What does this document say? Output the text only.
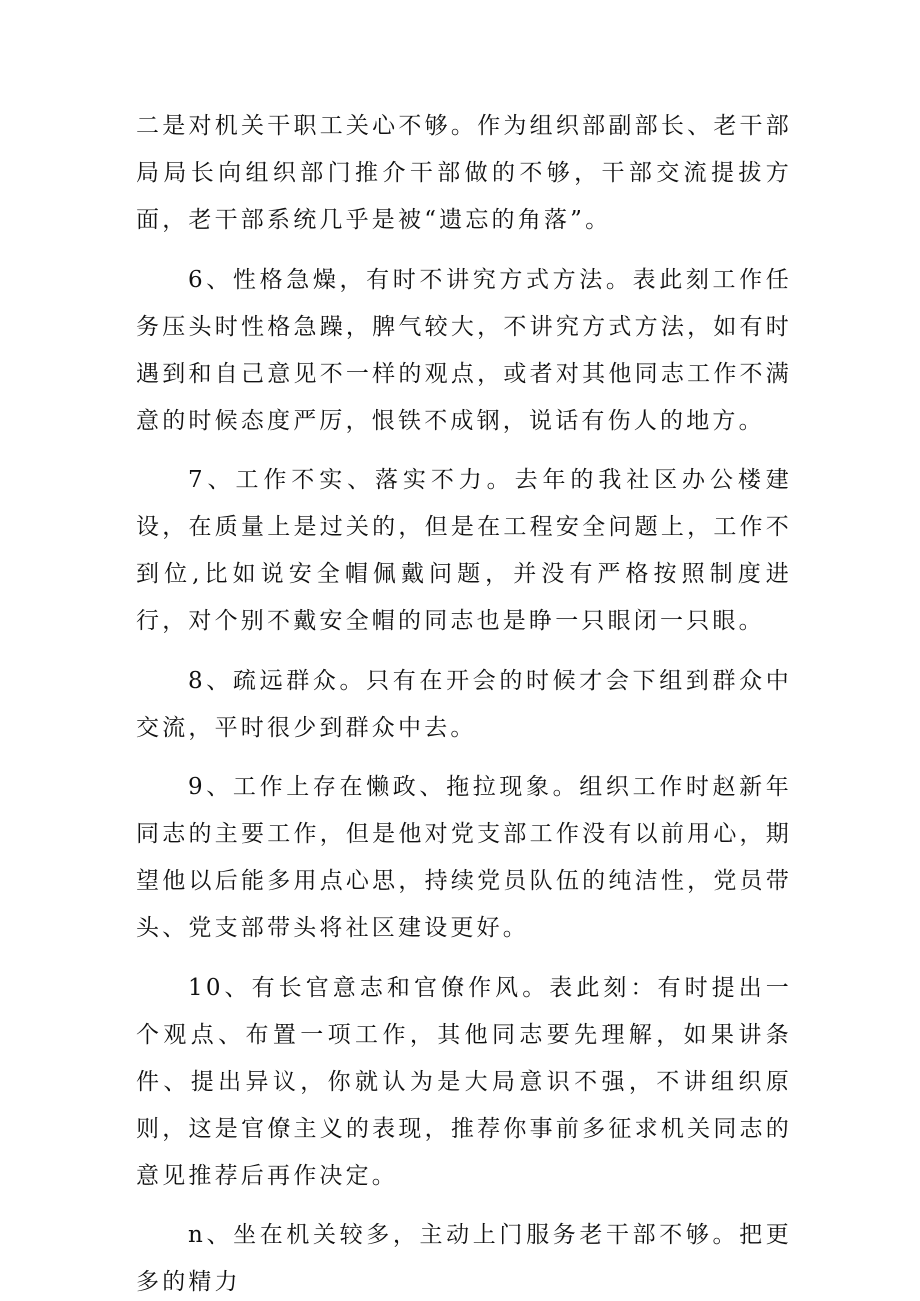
二是对机关干职工关心不够。作为组织部副部长、老干部局局长向组织部门推介干部做的不够，干部交流提拔方面，老干部系统几乎是被“遗忘的角落”。

6、性格急燥，有时不讲究方式方法。表此刻工作任务压头时性格急躁，脾气较大，不讲究方式方法，如有时遇到和自己意见不一样的观点，或者对其他同志工作不满意的时候态度严厉，恨铁不成钢，说话有伤人的地方。

7、工作不实、落实不力。去年的我社区办公楼建设，在质量上是过关的，但是在工程安全问题上，工作不到位,比如说安全帽佩戴问题，并没有严格按照制度进行，对个别不戴安全帽的同志也是睁一只眼闭一只眼。

8、疏远群众。只有在开会的时候才会下组到群众中交流，平时很少到群众中去。

9、工作上存在懒政、拖拉现象。组织工作时赵新年同志的主要工作，但是他对党支部工作没有以前用心，期望他以后能多用点心思，持续党员队伍的纯洁性，党员带头、党支部带头将社区建设更好。

10、有长官意志和官僚作风。表此刻：有时提出一个观点、布置一项工作，其他同志要先理解，如果讲条件、提出异议，你就认为是大局意识不强，不讲组织原则，这是官僚主义的表现，推荐你事前多征求机关同志的意见推荐后再作决定。

n、坐在机关较多，主动上门服务老干部不够。把更多的精力
